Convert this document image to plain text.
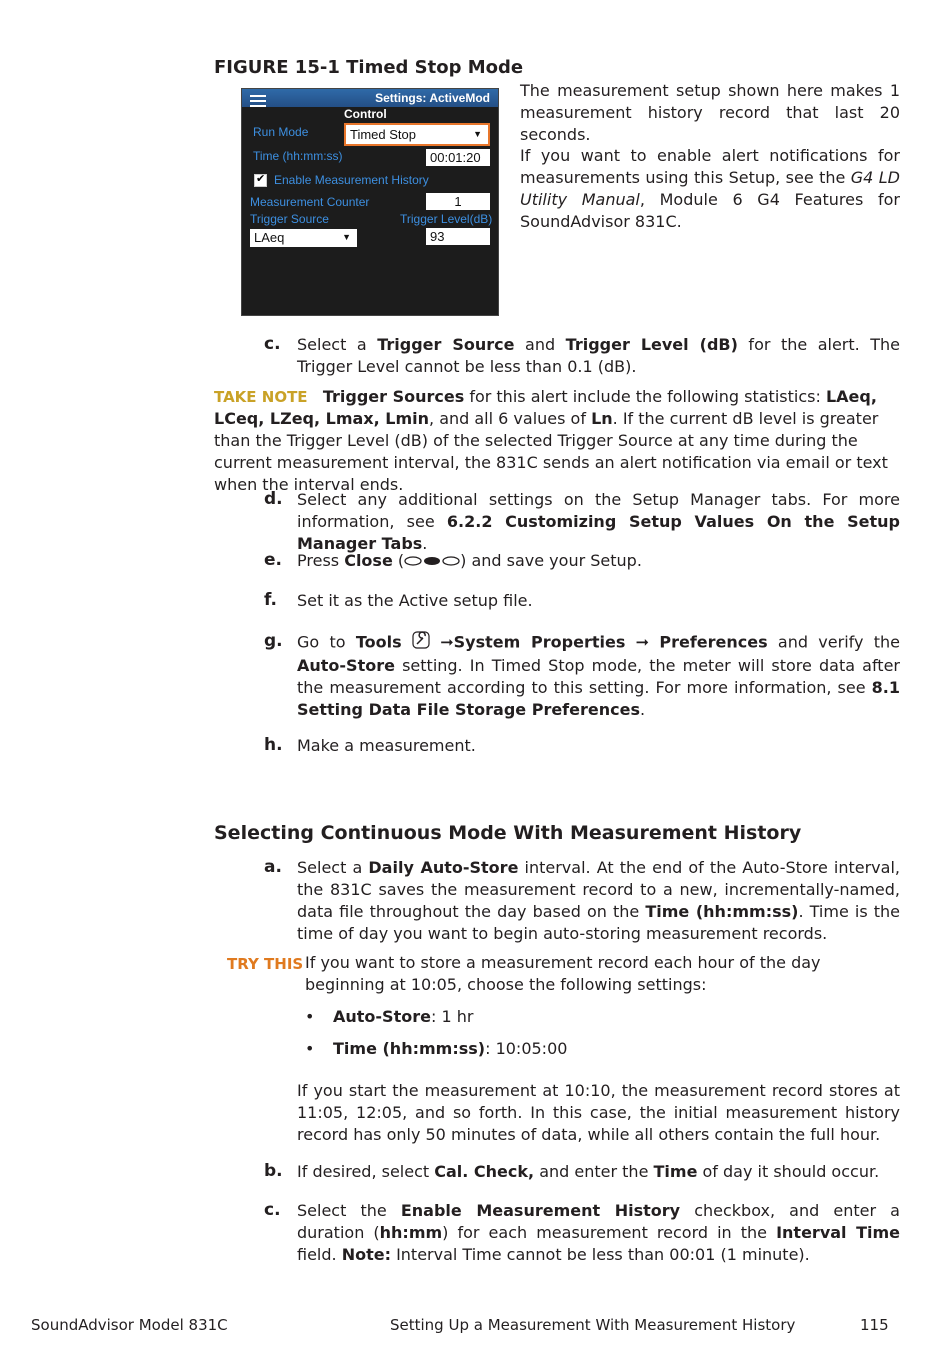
FIGURE 15-1 Timed Stop Mode
Settings: ActiveMod
Control
Run Mode	Timed Stop	▼
Time (hh:mm:ss)	00:01:20
✔ Enable Measurement History
Measurement Counter	1
Trigger Source	Trigger Level(dB)
LAeq	▼	93
The measurement setup shown here makes 1 measurement history record that last 20 seconds.
If you want to enable alert notifications for measurements using this Setup, see the G4 LD Utility Manual, Module 6 G4 Features for SoundAdvisor 831C.
c. Select a Trigger Source and Trigger Level (dB) for the alert. The Trigger Level cannot be less than 0.1 (dB).
TAKE NOTE Trigger Sources for this alert include the following statistics: LAeq, LCeq, LZeq, Lmax, Lmin, and all 6 values of Ln. If the current dB level is greater than the Trigger Level (dB) of the selected Trigger Source at any time during the current measurement interval, the 831C sends an alert notification via email or text when the interval ends.
d. Select any additional settings on the Setup Manager tabs. For more information, see 6.2.2 Customizing Setup Values On the Setup Manager Tabs.
e. Press Close (	) and save your Setup.
f. Set it as the Active setup file.
g. Go to Tools ➞System Properties ➞ Preferences and verify the Auto-Store setting. In Timed Stop mode, the meter will store data after the measurement according to this setting. For more information, see 8.1 Setting Data File Storage Preferences.
h. Make a measurement.
Selecting Continuous Mode With Measurement History
a. Select a Daily Auto-Store interval. At the end of the Auto-Store interval, the 831C saves the measurement record to a new, incrementally-named, data file throughout the day based on the Time (hh:mm:ss). Time is the time of day you want to begin auto-storing measurement records.
TRY THIS If you want to store a measurement record each hour of the day beginning at 10:05, choose the following settings:
• Auto-Store: 1 hr
• Time (hh:mm:ss): 10:05:00
If you start the measurement at 10:10, the measurement record stores at 11:05, 12:05, and so forth. In this case, the initial measurement history record has only 50 minutes of data, while all others contain the full hour.
b. If desired, select Cal. Check, and enter the Time of day it should occur.
c. Select the Enable Measurement History checkbox, and enter a duration (hh:mm) for each measurement record in the Interval Time field. Note: Interval Time cannot be less than 00:01 (1 minute).
SoundAdvisor Model 831C	Setting Up a Measurement With Measurement History	115
